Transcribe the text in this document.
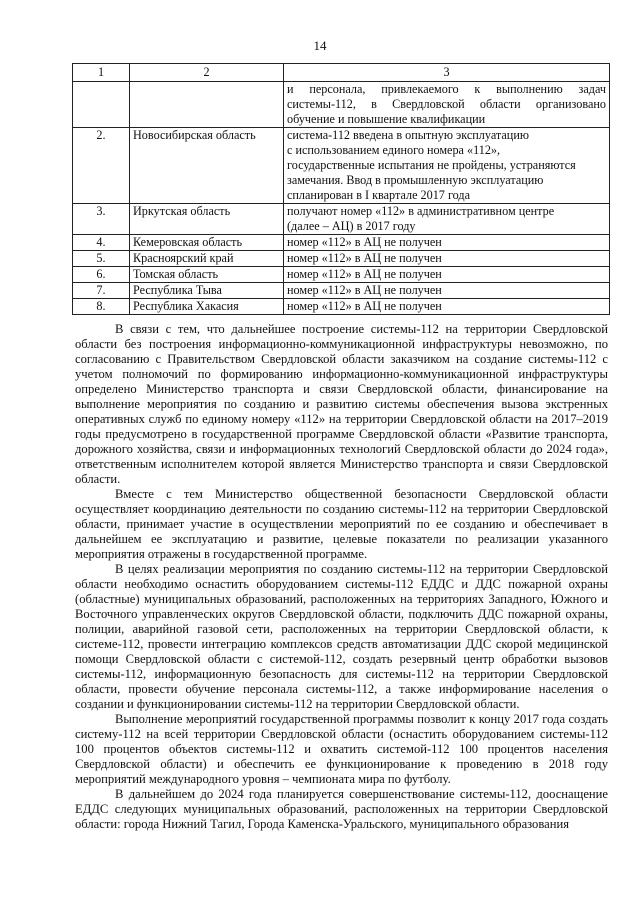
14
1	2	3

		и персонала, привлекаемого к выполнению задач
системы-112, в Свердловской области организовано
обучение и повышение квалификации

2.	Новосибирская область	система-112 введена в опытную эксплуатацию
с использованием единого номера «112»,
государственные испытания не пройдены, устраняются
замечания. Ввод в промышленную эксплуатацию
спланирован в I квартале 2017 года

3.	Иркутская область	получают номер «112» в административном центре
(далее – АЦ) в 2017 году

4.	Кемеровская область	номер «112» в АЦ не получен

5.	Красноярский край	номер «112» в АЦ не получен

6.	Томская область	номер «112» в АЦ не получен

7.	Республика Тыва	номер «112» в АЦ не получен

8.	Республика Хакасия	номер «112» в АЦ не получен

В связи с тем, что дальнейшее построение системы-112 на территории Свердловской области без построения информационно-коммуникационной инфраструктуры невозможно, по согласованию с Правительством Свердловской области заказчиком на создание системы-112 с учетом полномочий по формированию информационно-коммуникационной инфраструктуры определено Министерство транспорта и связи Свердловской области, финансирование на выполнение мероприятия по созданию и развитию системы обеспечения вызова экстренных оперативных служб по единому номеру «112» на территории Свердловской области на 2017–2019 годы предусмотрено в государственной программе Свердловской области «Развитие транспорта, дорожного хозяйства, связи и информационных технологий Свердловской области до 2024 года», ответственным исполнителем которой является Министерство транспорта и связи Свердловской области.

Вместе с тем Министерство общественной безопасности Свердловской области осуществляет координацию деятельности по созданию системы-112 на территории Свердловской области, принимает участие в осуществлении мероприятий по ее созданию и обеспечивает в дальнейшем ее эксплуатацию и развитие, целевые показатели по реализации указанного мероприятия отражены в государственной программе.

В целях реализации мероприятия по созданию системы-112 на территории Свердловской области необходимо оснастить оборудованием системы-112 ЕДДС и ДДС пожарной охраны (областные) муниципальных образований, расположенных на территориях Западного, Южного и Восточного управленческих округов Свердловской области, подключить ДДС пожарной охраны, полиции, аварийной газовой сети, расположенных на территории Свердловской области, к системе-112, провести интеграцию комплексов средств автоматизации ДДС скорой медицинской помощи Свердловской области с системой-112, создать резервный центр обработки вызовов системы-112, информационную безопасность для системы-112 на территории Свердловской области, провести обучение персонала системы-112, а также информирование населения о создании и функционировании системы-112 на территории Свердловской области.

Выполнение мероприятий государственной программы позволит к концу 2017 года создать систему-112 на всей территории Свердловской области (оснастить оборудованием системы-112 100 процентов объектов системы-112 и охватить системой-112 100 процентов населения Свердловской области) и обеспечить ее функционирование к проведению в 2018 году мероприятий международного уровня – чемпионата мира по футболу.

В дальнейшем до 2024 года планируется совершенствование системы-112, дооснащение ЕДДС следующих муниципальных образований, расположенных на территории Свердловской области: города Нижний Тагил, Города Каменска-Уральского, муниципального образования
